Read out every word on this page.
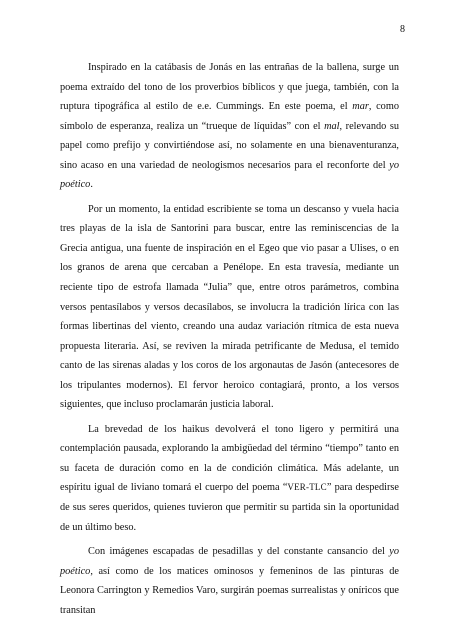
8

Inspirado en la catábasis de Jonás en las entrañas de la ballena, surge un poema extraído del tono de los proverbios bíblicos y que juega, también, con la ruptura tipográfica al estilo de e.e. Cummings. En este poema, el mar, como símbolo de esperanza, realiza un “trueque de líquidas” con el mal, relevando su papel como prefijo y convirtiéndose así, no solamente en una bienaventuranza, sino acaso en una variedad de neologismos necesarios para el reconforte del yo poético.

Por un momento, la entidad escribiente se toma un descanso y vuela hacia tres playas de la isla de Santorini para buscar, entre las reminiscencias de la Grecia antigua, una fuente de inspiración en el Egeo que vio pasar a Ulises, o en los granos de arena que cercaban a Penélope. En esta travesía, mediante un reciente tipo de estrofa llamada “Julia” que, entre otros parámetros, combina versos pentasílabos y versos decasílabos, se involucra la tradición lírica con las formas libertinas del viento, creando una audaz variación rítmica de esta nueva propuesta literaria. Así, se reviven la mirada petrificante de Medusa, el temido canto de las sirenas aladas y los coros de los argonautas de Jasón (antecesores de los tripulantes modernos). El fervor heroico contagiará, pronto, a los versos siguientes, que incluso proclamarán justicia laboral.

La brevedad de los haikus devolverá el tono ligero y permitirá una contemplación pausada, explorando la ambigüedad del término “tiempo” tanto en su faceta de duración como en la de condición climática. Más adelante, un espíritu igual de liviano tomará el cuerpo del poema “VER-TLC” para despedirse de sus seres queridos, quienes tuvieron que permitir su partida sin la oportunidad de un último beso.

Con imágenes escapadas de pesadillas y del constante cansancio del yo poético, así como de los matices ominosos y femeninos de las pinturas de Leonora Carrington y Remedios Varo, surgirán poemas surrealistas y oníricos que transitan
